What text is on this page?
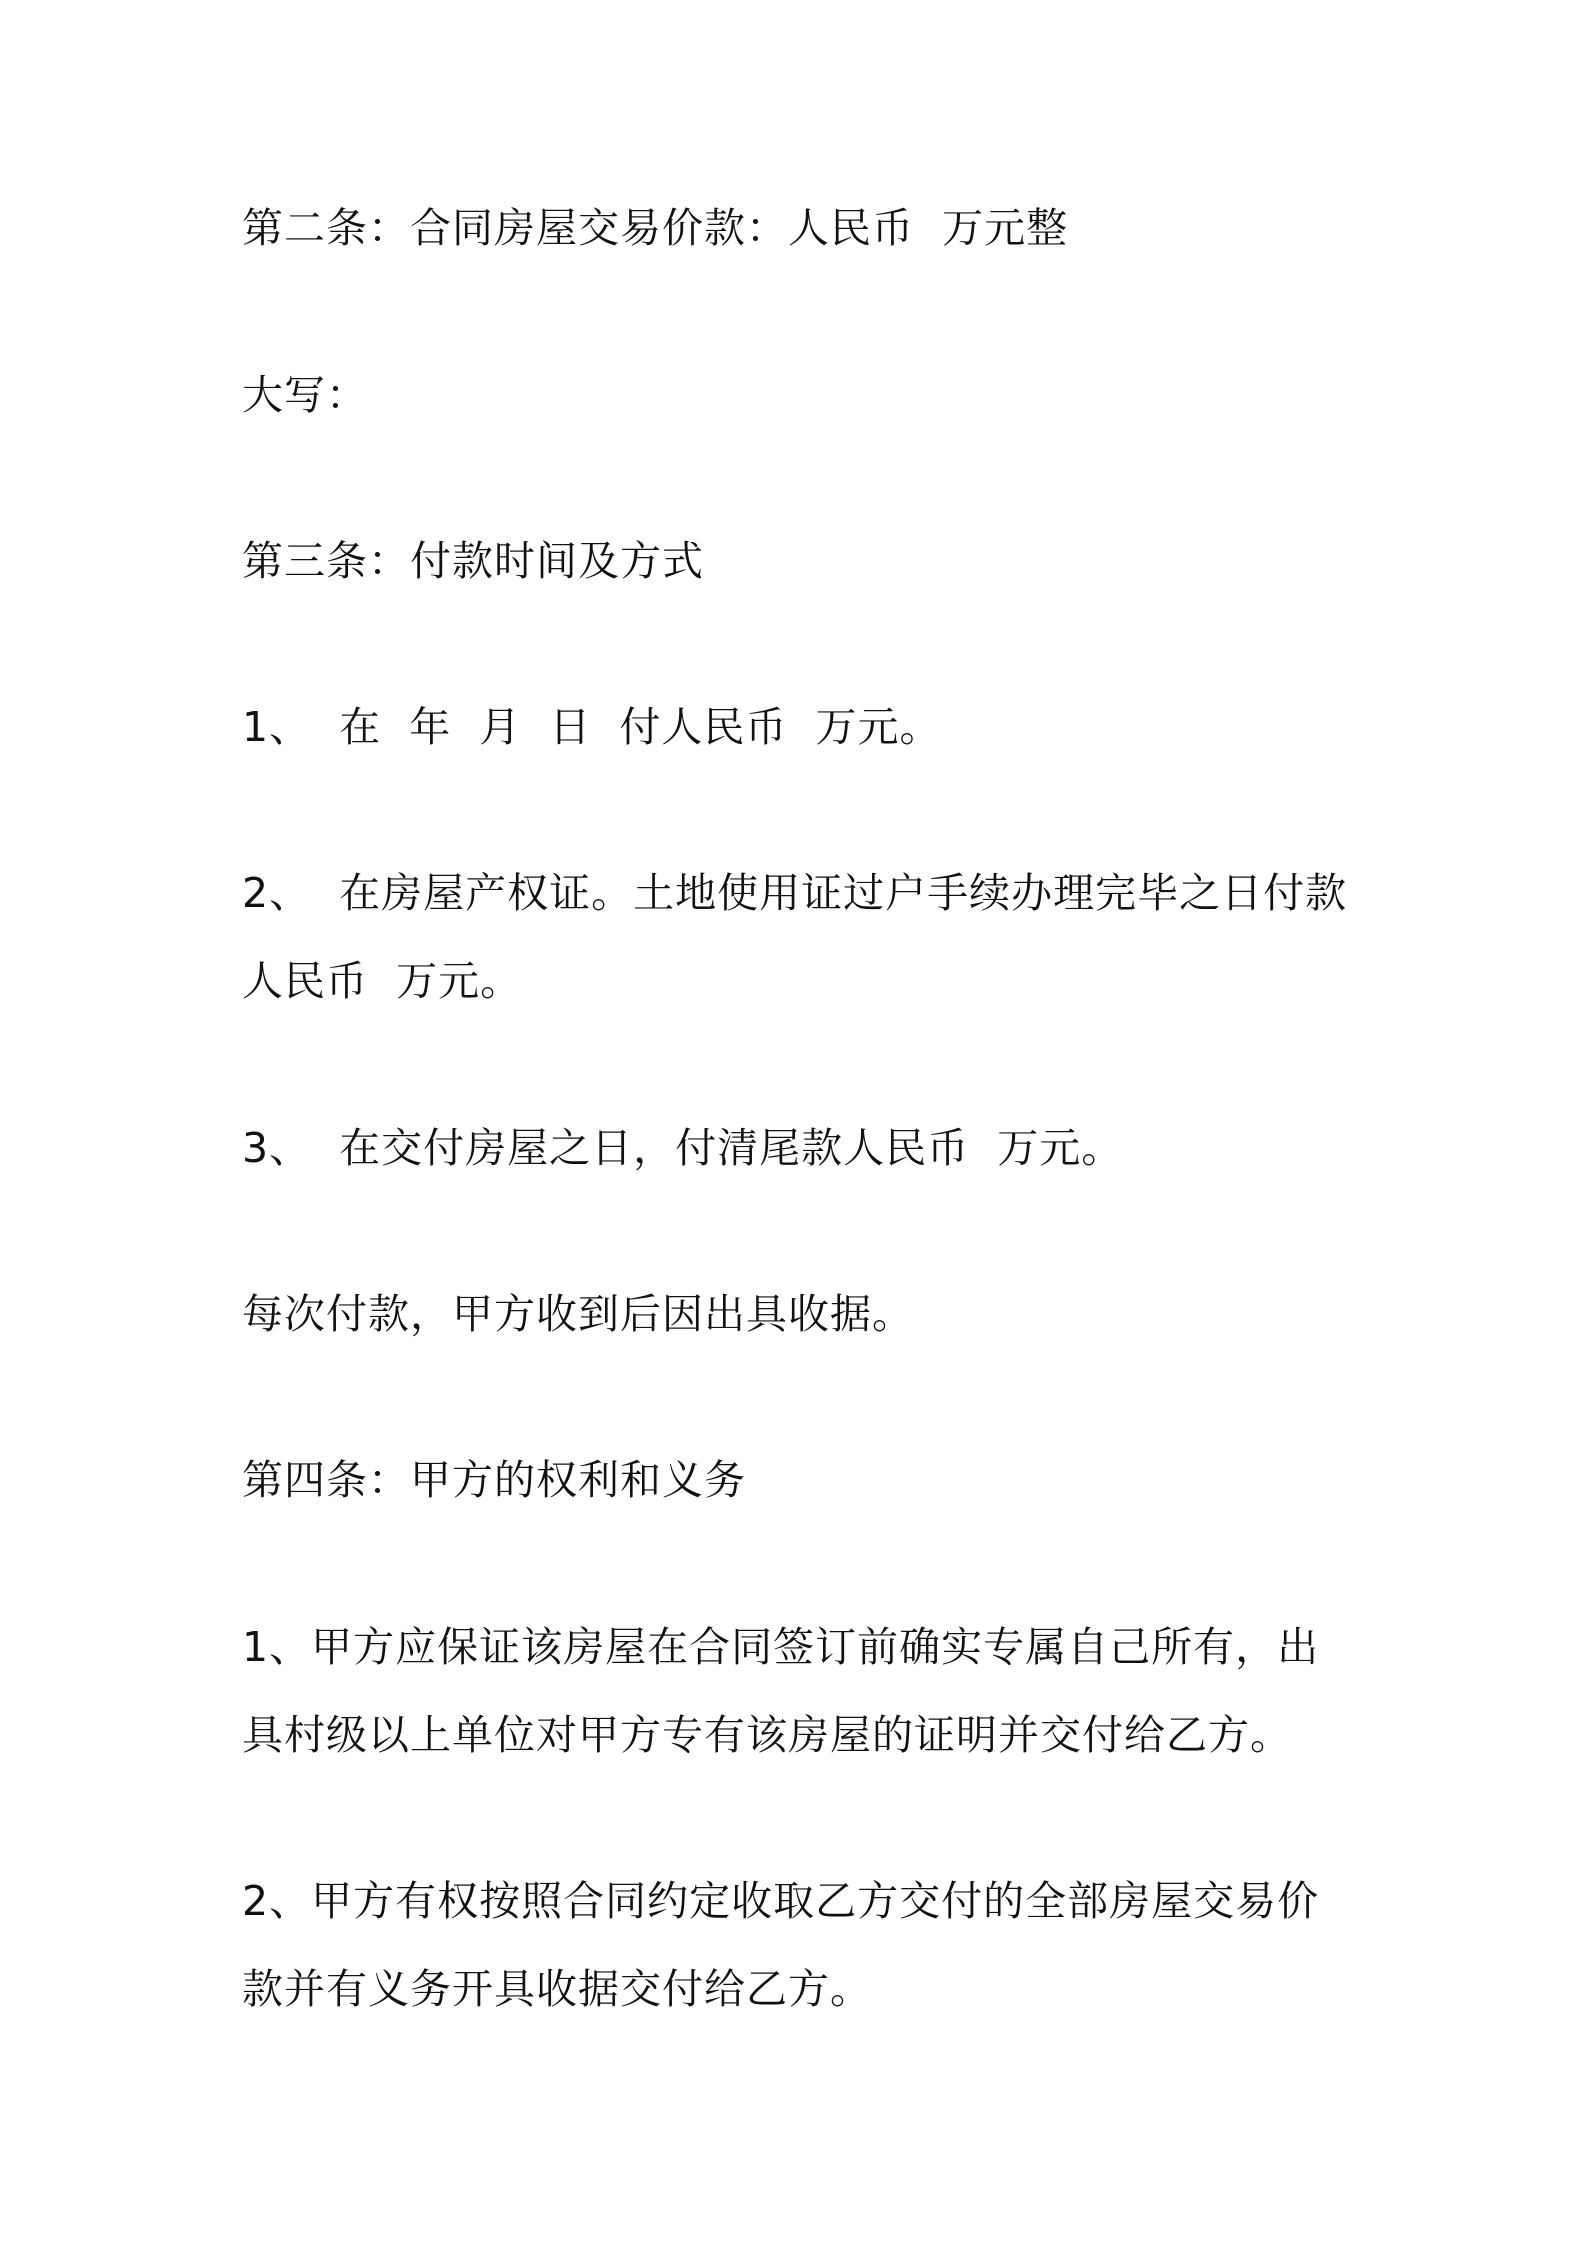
第二条：合同房屋交易价款：人民币  万元整
大写：
第三条：付款时间及方式
1、  在  年  月  日  付人民币  万元。
2、  在房屋产权证。土地使用证过户手续办理完毕之日付款
人民币  万元。
3、  在交付房屋之日，付清尾款人民币  万元。
每次付款，甲方收到后因出具收据。
第四条：甲方的权利和义务
1、甲方应保证该房屋在合同签订前确实专属自己所有，出
具村级以上单位对甲方专有该房屋的证明并交付给乙方。
2、甲方有权按照合同约定收取乙方交付的全部房屋交易价
款并有义务开具收据交付给乙方。
